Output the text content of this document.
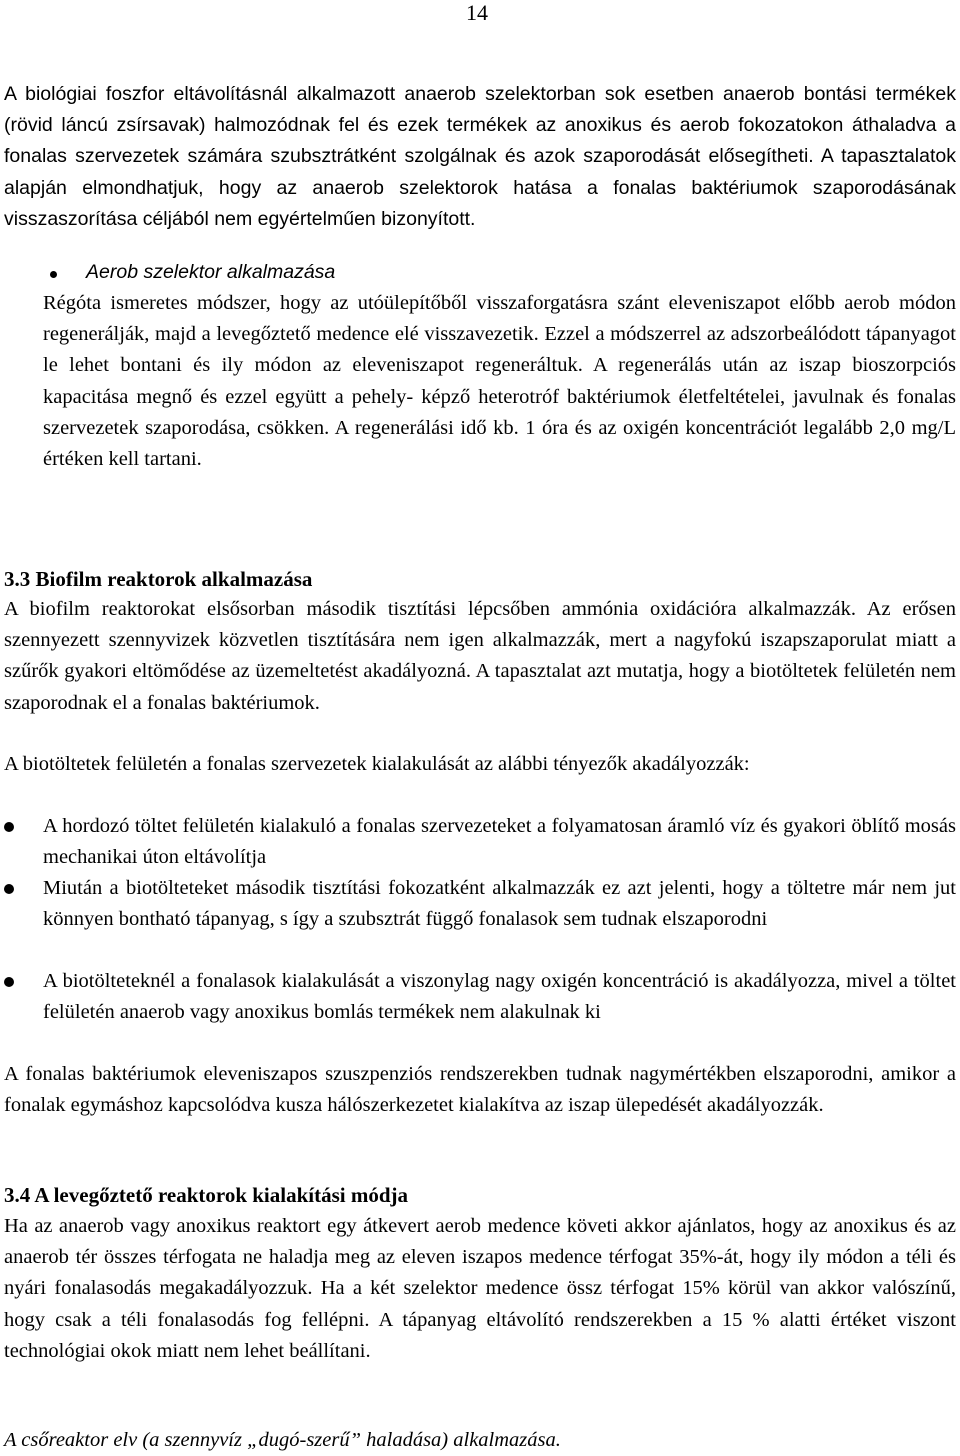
14

A biológiai foszfor eltávolításnál alkalmazott anaerob szelektorban sok esetben anaerob bontási termékek (rövid láncú zsírsavak) halmozódnak fel és ezek termékek az anoxikus és aerob fokozatokon áthaladva a fonalas szervezetek számára szubsztrátként szolgálnak és azok szaporodását elősegítheti. A tapasztalatok alapján elmondhatjuk, hogy az anaerob szelektorok hatása a fonalas baktériumok szaporodásának visszaszorítása céljából nem egyértelműen bizonyított.

Aerob szelektor alkalmazása

Régóta ismeretes módszer, hogy az utóülepítőből visszaforgatásra szánt eleveniszapot előbb aerob módon regenerálják, majd a levegőztető medence elé visszavezetik. Ezzel a módszerrel az adszorbeálódott tápanyagot le lehet bontani és ily módon az eleveniszapot regeneráltuk. A regenerálás után az iszap bioszorpciós kapacitása megnő és ezzel együtt a pehely- képző heterotróf baktériumok életfeltételei, javulnak és fonalas szervezetek szaporodása, csökken. A regenerálási idő kb. 1 óra és az oxigén koncentrációt legalább 2,0 mg/L értéken kell tartani.

3.3 Biofilm reaktorok alkalmazása

A biofilm reaktorokat elsősorban második tisztítási lépcsőben ammónia oxidációra alkalmazzák. Az erősen szennyezett szennyvizek közvetlen tisztítására nem igen alkalmazzák, mert a nagyfokú iszapszaporulat miatt a szűrők gyakori eltömődése az üzemeltetést akadályozná. A tapasztalat azt mutatja, hogy a biotöltetek felületén nem szaporodnak el a fonalas baktériumok.

A biotöltetek felületén a fonalas szervezetek kialakulását az alábbi tényezők akadályozzák:

A hordozó töltet felületén kialakuló a fonalas szervezeteket a folyamatosan áramló víz és gyakori öblítő mosás mechanikai úton eltávolítja
Miután a biotölteteket második tisztítási fokozatként alkalmazzák ez azt jelenti, hogy a töltetre már nem jut könnyen bontható tápanyag, s így a szubsztrát függő fonalasok sem tudnak elszaporodni
A biotölteteknél a fonalasok kialakulását a viszonylag nagy oxigén koncentráció is akadályozza, mivel a töltet felületén anaerob vagy anoxikus bomlás termékek nem alakulnak ki

A fonalas baktériumok eleveniszapos szuszpenziós rendszerekben tudnak nagymértékben elszaporodni, amikor a fonalak egymáshoz kapcsolódva kusza hálószerkezetet kialakítva az iszap ülepedését akadályozzák.

3.4 A levegőztető reaktorok kialakítási módja

Ha az anaerob vagy anoxikus reaktort egy átkevert aerob medence követi akkor ajánlatos, hogy az anoxikus és az anaerob tér összes térfogata ne haladja meg az eleven iszapos medence térfogat 35%-át, hogy ily módon a téli és nyári fonalasodás megakadályozzuk. Ha a két szelektor medence össz térfogat 15% körül van akkor valószínű, hogy csak a téli fonalasodás fog fellépni. A tápanyag eltávolító rendszerekben a 15 % alatti értéket viszont technológiai okok miatt nem lehet beállítani.

A csőreaktor elv (a szennyvíz „dugó-szerű” haladása) alkalmazása.
